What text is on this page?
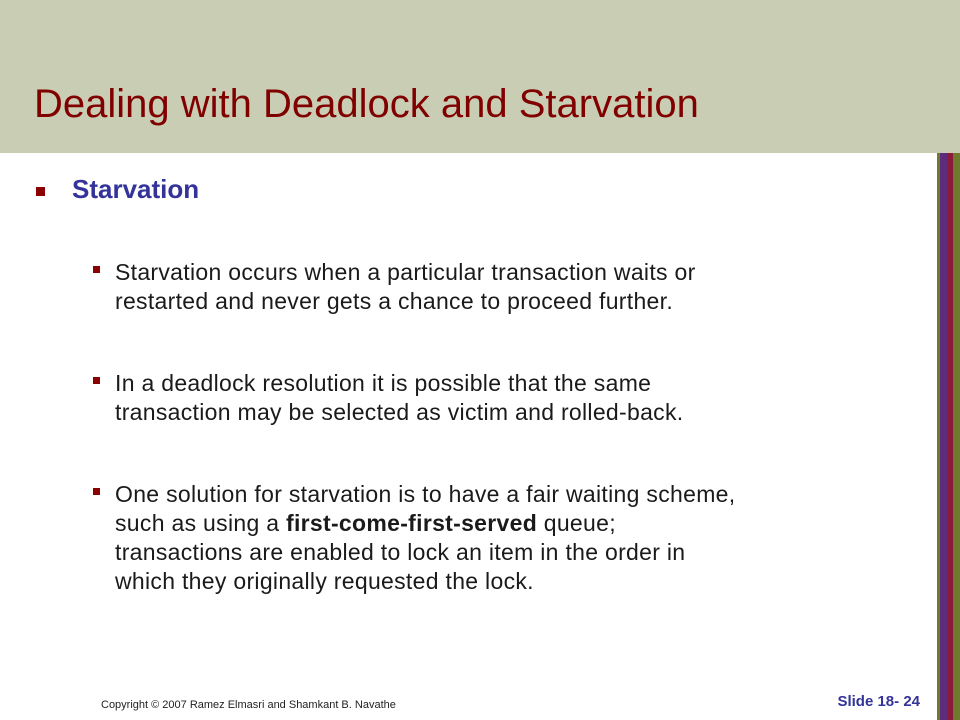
Dealing with Deadlock and Starvation
Starvation
Starvation occurs when a particular transaction waits or
restarted and never gets a chance to proceed further.
In a deadlock resolution it is possible that the same
transaction may be selected as victim and rolled-back.
One solution for starvation is to have a fair waiting scheme,
such as using a first-come-first-served queue;
transactions are enabled to lock an item in the order in
which they originally requested the lock.
Copyright © 2007 Ramez Elmasri and Shamkant B. Navathe	Slide 18- 24
